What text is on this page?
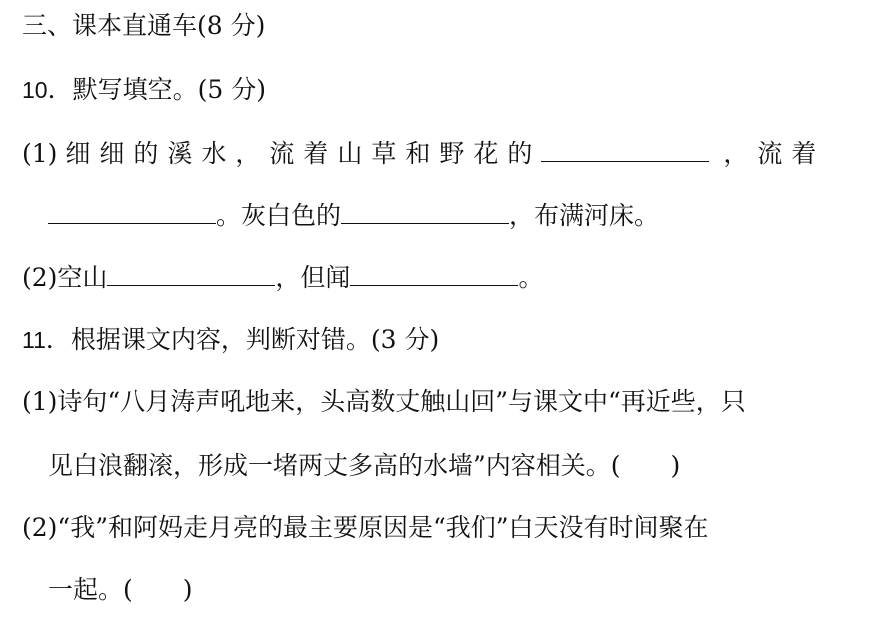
三、课本直通车(8 分)
10．默写填空。(5 分)
(1) 细细的溪水，流着山草和野花的	，流着
。灰白色的	，布满河床。
(2)空山	，但闻	。
11．根据课文内容，判断对错。(3 分)
(1)诗句“八月涛声吼地来，头高数丈触山回”与课文中“再近些，只
见白浪翻滚，形成一堵两丈多高的水墙”内容相关。( )
(2)“我”和阿妈走月亮的最主要原因是“我们”白天没有时间聚在
一起。( )
